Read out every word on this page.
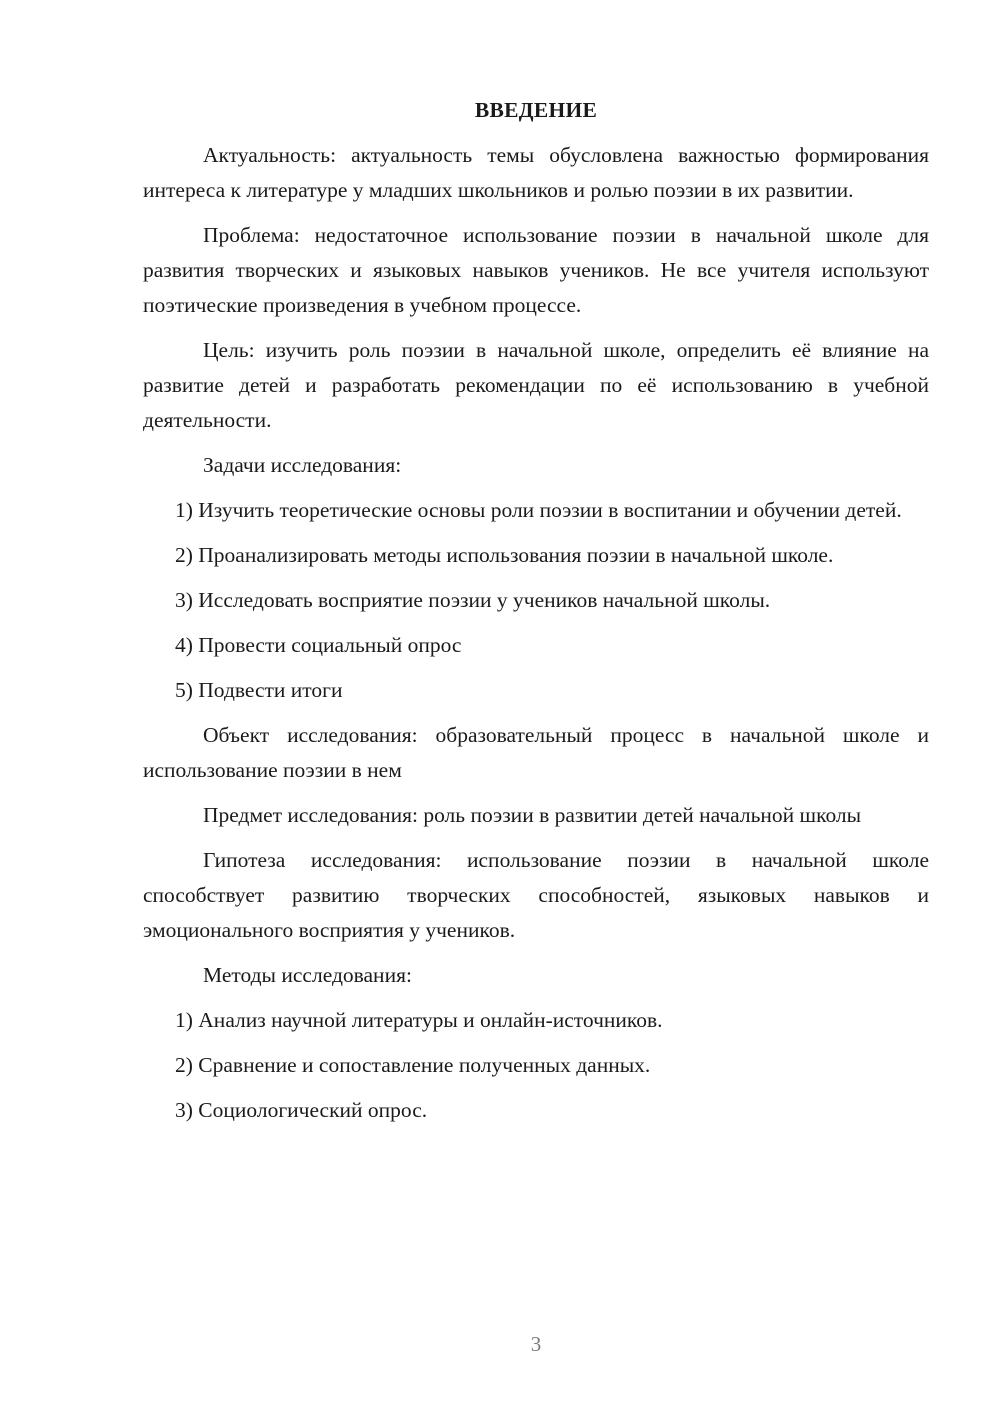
ВВЕДЕНИЕ
Актуальность: актуальность темы обусловлена важностью формирования интереса к литературе у младших школьников и ролью поэзии в их развитии.
Проблема: недостаточное использование поэзии в начальной школе для развития творческих и языковых навыков учеников. Не все учителя используют поэтические произведения в учебном процессе.
Цель: изучить роль поэзии в начальной школе, определить её влияние на развитие детей и разработать рекомендации по её использованию в учебной деятельности.
Задачи исследования:
1) Изучить теоретические основы роли поэзии в воспитании и обучении детей.
2) Проанализировать методы использования поэзии в начальной школе.
3) Исследовать восприятие поэзии у учеников начальной школы.
4) Провести социальный опрос
5) Подвести итоги
Объект исследования: образовательный процесс в начальной школе и использование поэзии в нем
Предмет исследования: роль поэзии в развитии детей начальной школы
Гипотеза исследования: использование поэзии в начальной школе способствует развитию творческих способностей, языковых навыков и эмоционального восприятия у учеников.
Методы исследования:
1) Анализ научной литературы и онлайн-источников.
2) Сравнение и сопоставление полученных данных.
3) Социологический опрос.
3
